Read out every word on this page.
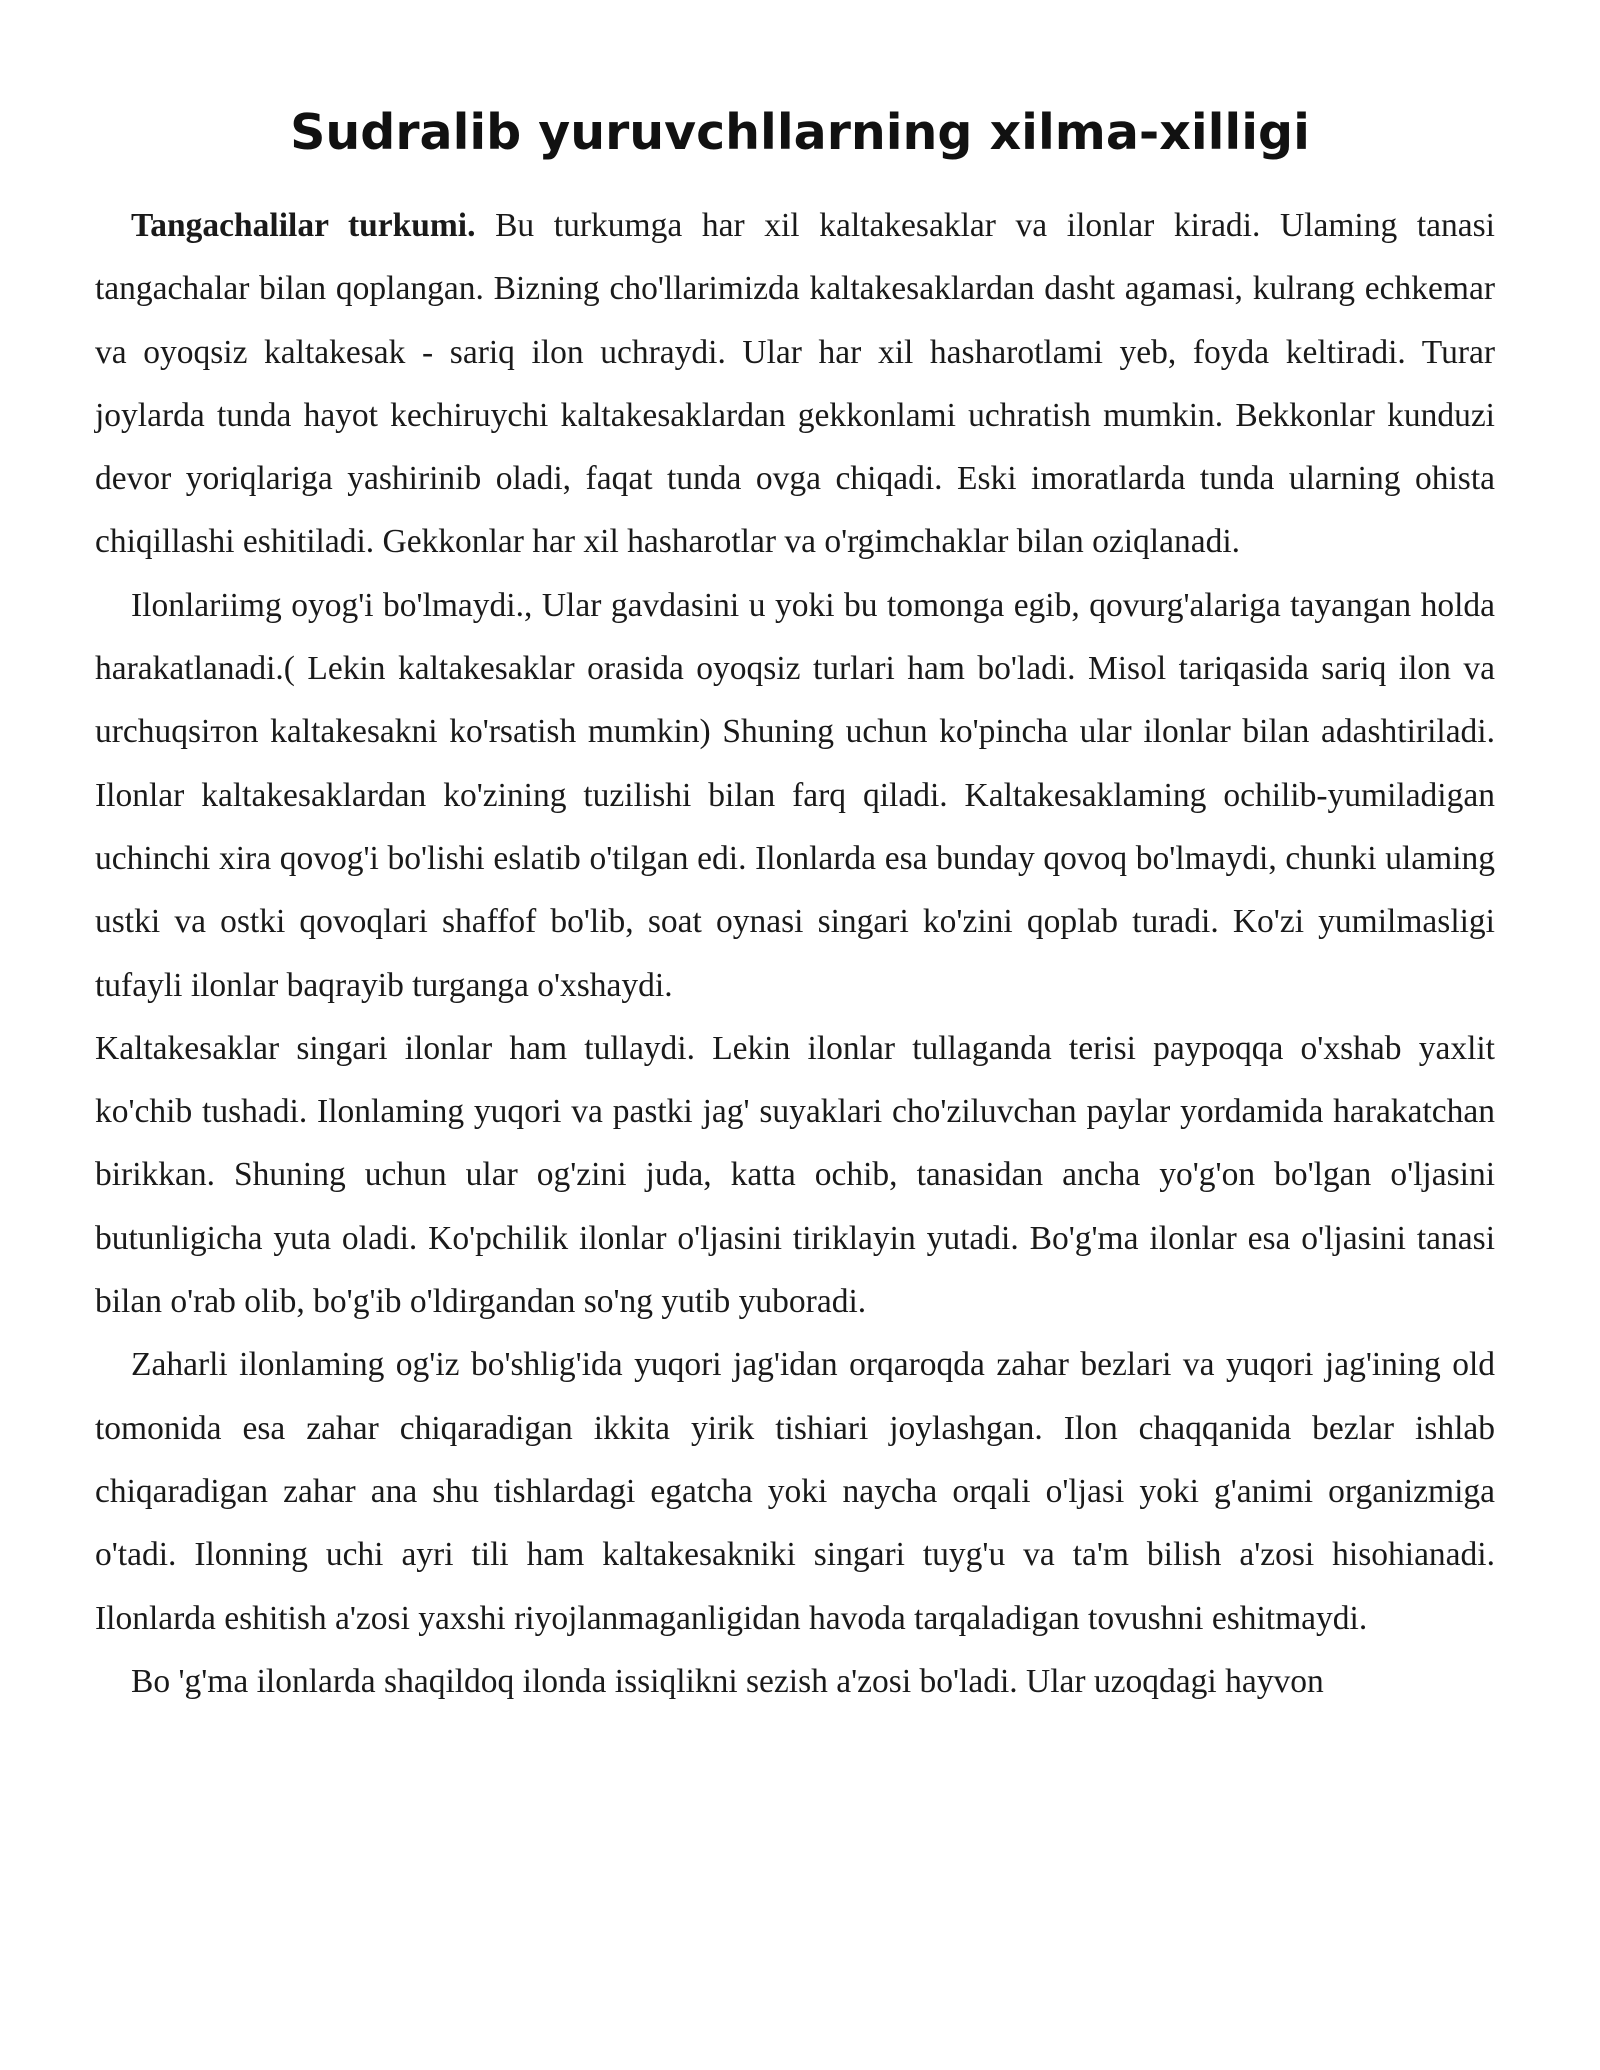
Sudralib yuruvchllarning xilma-xilligi

Tangachalilar turkumi. Bu turkumga har xil kaltakesaklar va ilonlar kiradi. Ulaming tanasi tangachalar bilan qoplangan. Bizning cho'llarimizda kaltakesaklardan dasht agamasi, kulrang echkemar va oyoqsiz kaltakesak - sariq ilon uchraydi. Ular har xil hasharotlami yeb, foyda keltiradi. Turar joylarda tunda hayot kechiruychi kaltakesaklardan gekkonlami uchratish mumkin. Bekkonlar kunduzi devor yoriqlariga yashirinib oladi, faqat tunda ovga chiqadi. Eski imoratlarda tunda ularning ohista chiqillashi eshitiladi. Gekkonlar har xil hasharotlar va o'rgimchaklar bilan oziqlanadi.

Ilonlariimg oyog'i bo'lmaydi., Ular gavdasini u yoki bu tomonga egib, qovurg'alariga tayangan holda harakatlanadi.( Lekin kaltakesaklar orasida oyoqsiz turlari ham bo'ladi. Misol tariqasida sariq ilon va urchuqsiтon kaltakesakni ko'rsatish mumkin) Shuning uchun ko'pincha ular ilonlar bilan adashtiriladi. Ilonlar kaltakesaklardan ko'zining tuzilishi bilan farq qiladi. Kaltakesaklaming ochilib-yumiladigan uchinchi xira qovog'i bo'lishi eslatib o'tilgan edi. Ilonlarda esa bunday qovoq bo'lmaydi, chunki ulaming ustki va ostki qovoqlari shaffof bo'lib, soat oynasi singari ko'zini qoplab turadi. Ko'zi yumilmasligi tufayli ilonlar baqrayib turganga o'xshaydi.

Kaltakesaklar singari ilonlar ham tullaydi. Lekin ilonlar tullaganda terisi paypoqqa o'xshab yaxlit ko'chib tushadi. Ilonlaming yuqori va pastki jag' suyaklari cho'ziluvchan paylar yordamida harakatchan birikkan. Shuning uchun ular og'zini juda, katta ochib, tanasidan ancha yo'g'on bo'lgan o'ljasini butunligicha yuta oladi. Ko'pchilik ilonlar o'ljasini tiriklayin yutadi. Bo'g'ma ilonlar esa o'ljasini tanasi bilan o'rab olib, bo'g'ib o'ldirgandan so'ng yutib yuboradi.

Zaharli ilonlaming og'iz bo'shlig'ida yuqori jag'idan orqaroqda zahar bezlari va yuqori jag'ining old tomonida esa zahar chiqaradigan ikkita yirik tishiari joylashgan. Ilon chaqqanida bezlar ishlab chiqaradigan zahar ana shu tishlardagi egatcha yoki naycha orqali o'ljasi yoki g'animi organizmiga o'tadi. Ilonning uchi ayri tili ham kaltakesakniki singari tuyg'u va ta'm bilish a'zosi hisohianadi. Ilonlarda eshitish a'zosi yaxshi riyojlanmaganligidan havoda tarqaladigan tovushni eshitmaydi.

Bo 'g'ma ilonlarda shaqildoq ilonda issiqlikni sezish a'zosi bo'ladi. Ular uzoqdagi hayvon
